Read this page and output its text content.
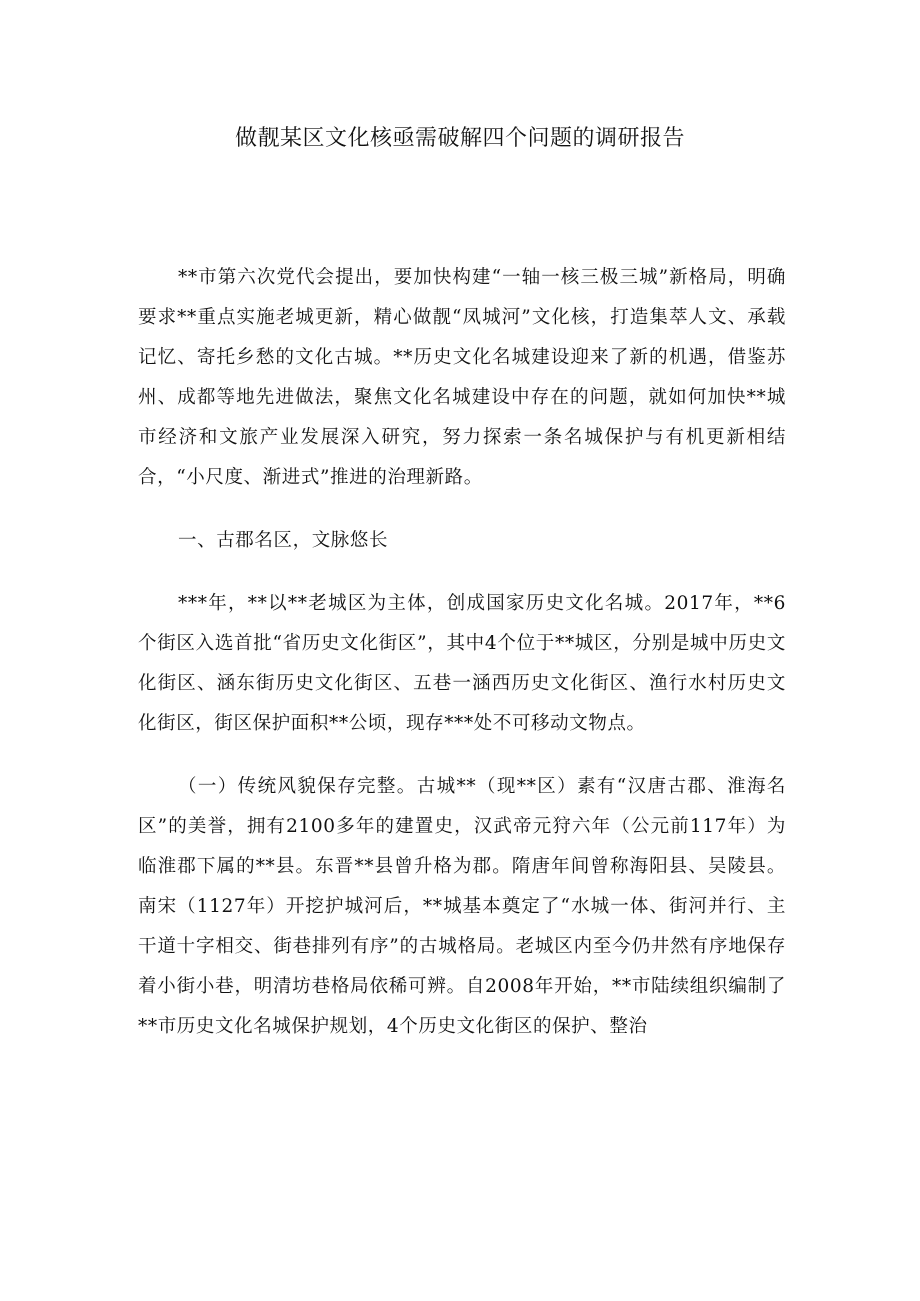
做靓某区文化核亟需破解四个问题的调研报告

**市第六次党代会提出，要加快构建“一轴一核三极三城”新格局，明确要求**重点实施老城更新，精心做靓“凤城河”文化核，打造集萃人文、承载记忆、寄托乡愁的文化古城。**历史文化名城建设迎来了新的机遇，借鉴苏州、成都等地先进做法，聚焦文化名城建设中存在的问题，就如何加快**城市经济和文旅产业发展深入研究，努力探索一条名城保护与有机更新相结合，“小尺度、渐进式”推进的治理新路。

一、古郡名区，文脉悠长

***年，**以**老城区为主体，创成国家历史文化名城。2017年，**6个街区入选首批“省历史文化街区”，其中4个位于**城区，分别是城中历史文化街区、涵东街历史文化街区、五巷一涵西历史文化街区、渔行水村历史文化街区，街区保护面积**公顷，现存***处不可移动文物点。

（一）传统风貌保存完整。古城**（现**区）素有“汉唐古郡、淮海名区”的美誉，拥有2100多年的建置史，汉武帝元狩六年（公元前117年）为临淮郡下属的**县。东晋**县曾升格为郡。隋唐年间曾称海阳县、吴陵县。南宋（1127年）开挖护城河后，**城基本奠定了“水城一体、街河并行、主干道十字相交、街巷排列有序”的古城格局。老城区内至今仍井然有序地保存着小街小巷，明清坊巷格局依稀可辨。自2008年开始，**市陆续组织编制了**市历史文化名城保护规划，4个历史文化街区的保护、整治
